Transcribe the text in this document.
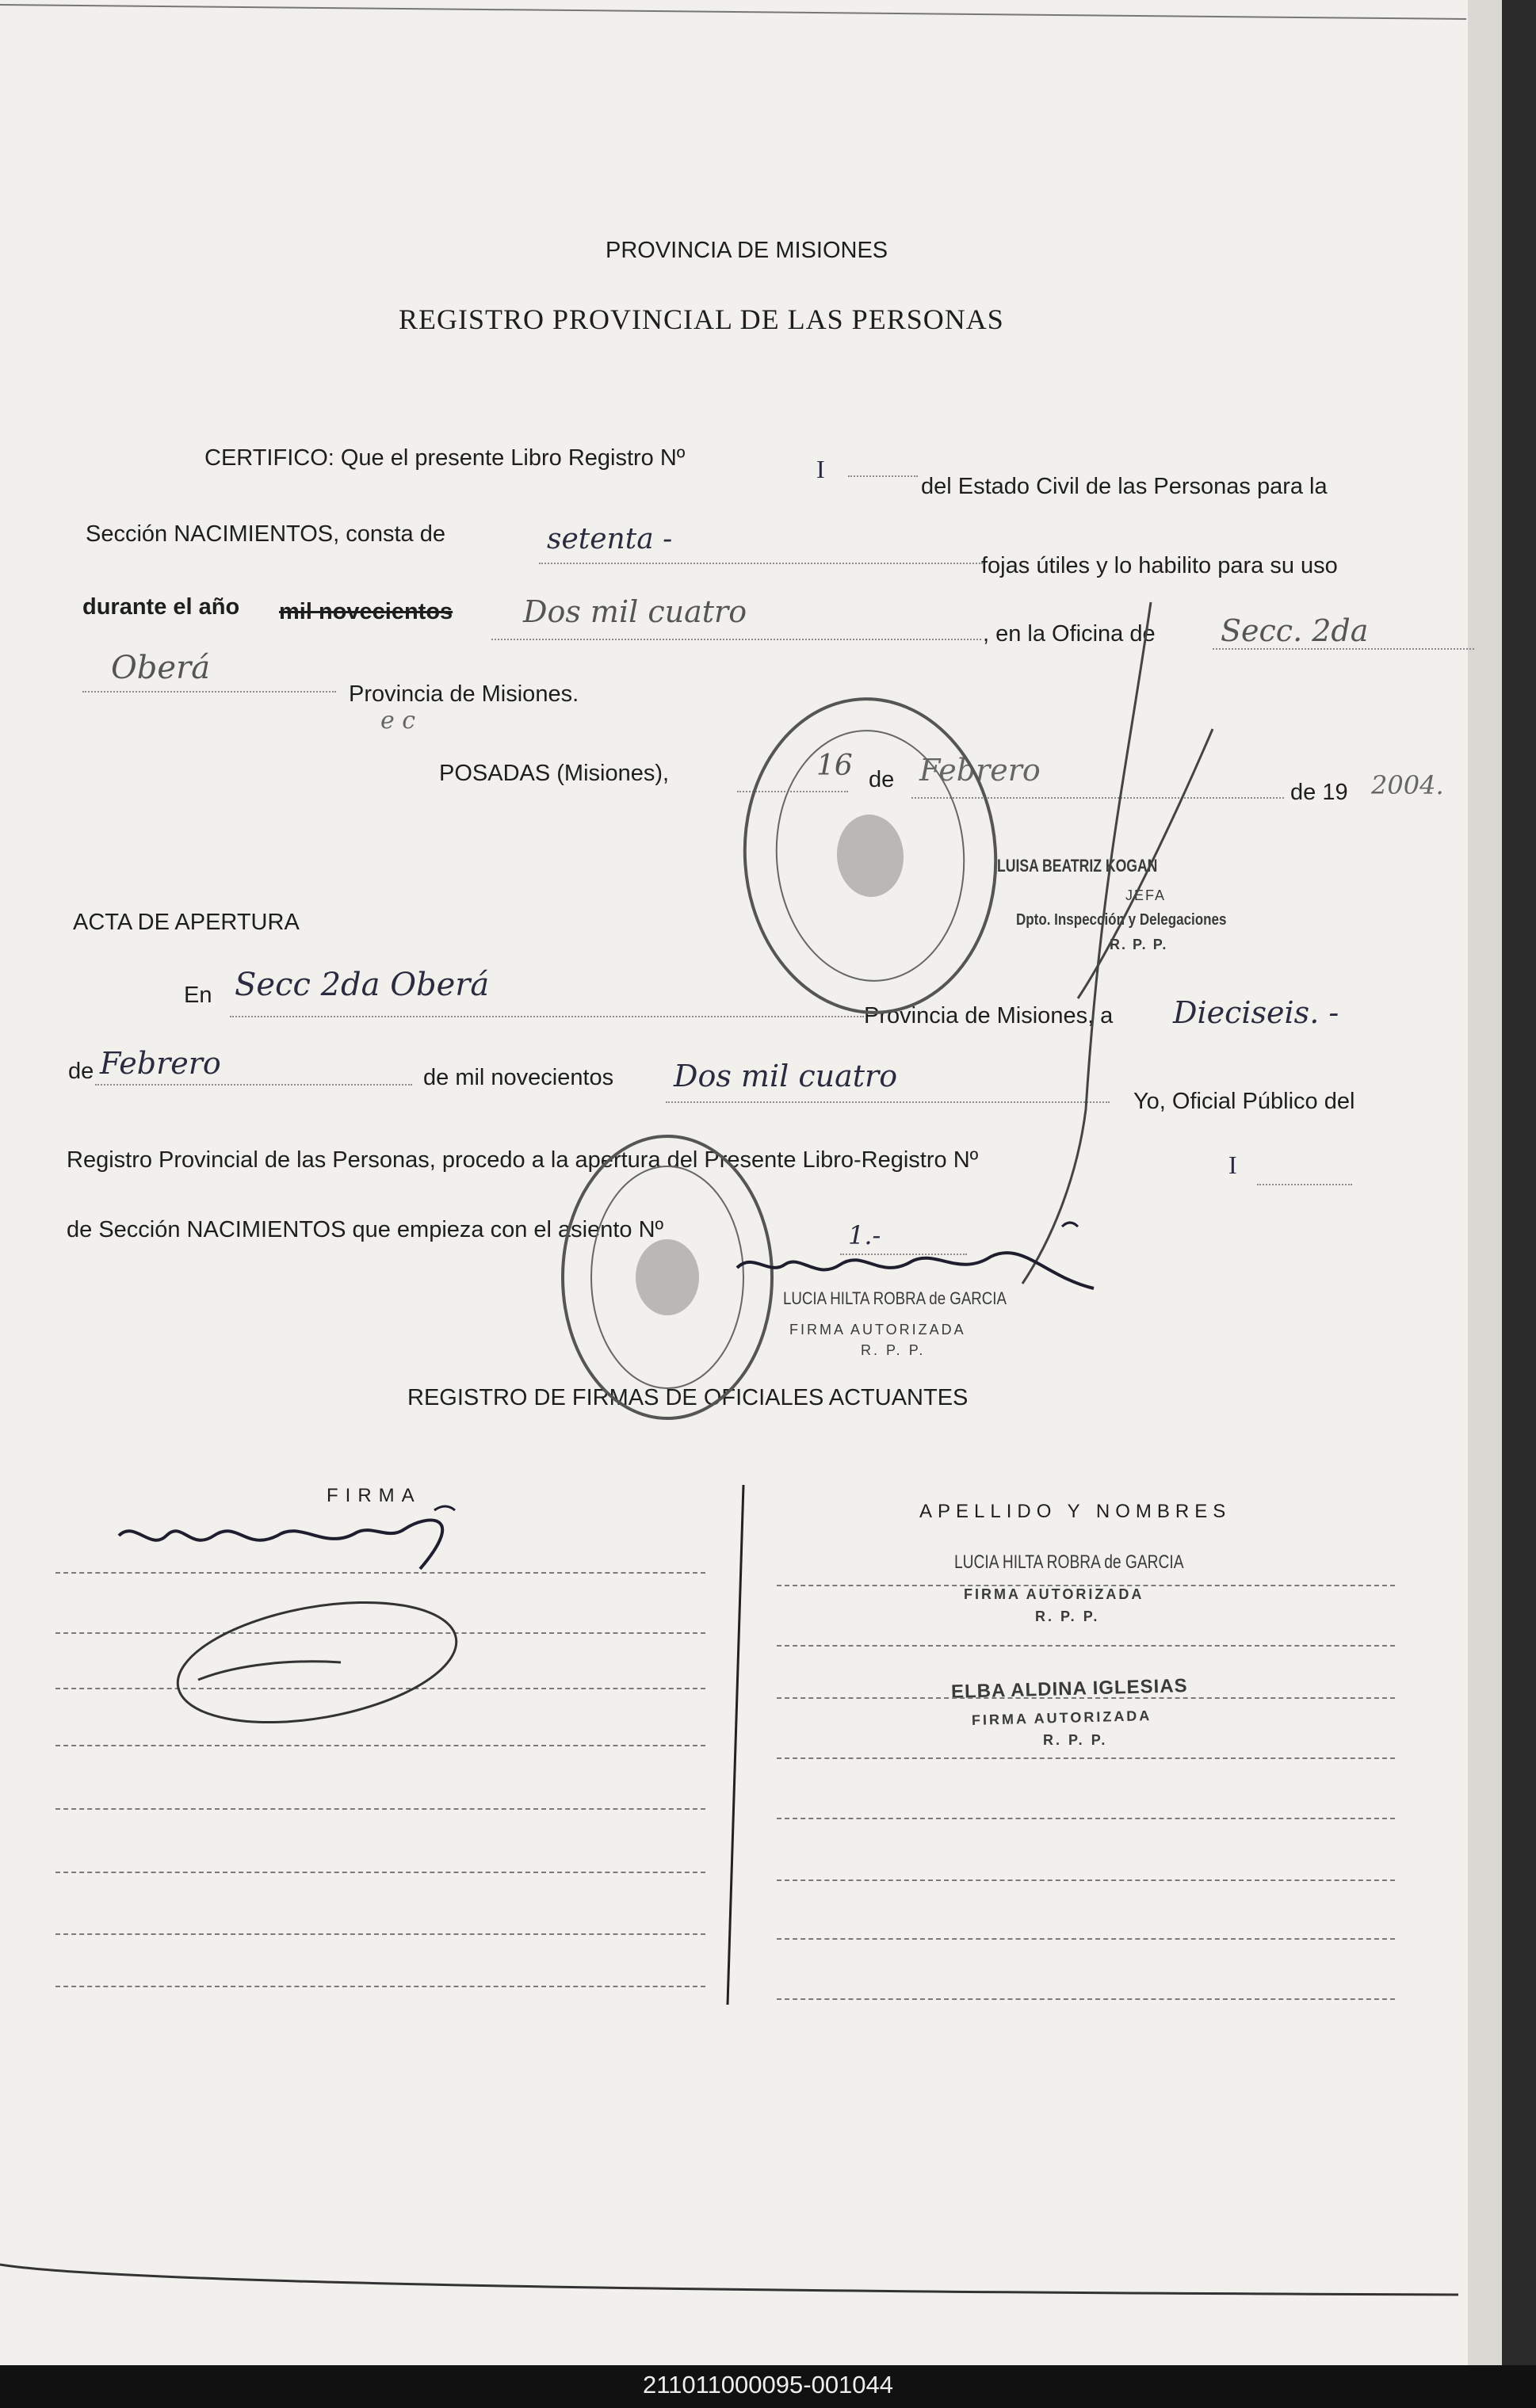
PROVINCIA DE MISIONES
REGISTRO PROVINCIAL DE LAS PERSONAS
CERTIFICO: Que el presente Libro Registro Nº	I
del Estado Civil de las Personas para la
Sección NACIMIENTOS, consta de	setenta -
fojas útiles y lo habilito para su uso
durante el año mil novecientos Dos mil cuatro
, en la Oficina de Secc. 2da
Oberá
Provincia de Misiones.
e c
POSADAS (Misiones),	16 de Febrero
de 19 2004.
ACTA DE APERTURA
En Secc 2da Oberá
Provincia de Misiones, a Dieciseis. -
de Febrero	de mil novecientos Dos mil cuatro
Yo, Oficial Público del
Registro Provincial de las Personas, procedo a la apertura del Presente Libro-Registro Nº	I
de Sección NACIMIENTOS que empieza con el asiento Nº	1.-
LUISA BEATRIZ KOGAN
JEFA
Dpto. Inspección y Delegaciones
R. P. P.
LUCIA HILTA ROBRA de GARCIA
FIRMA AUTORIZADA
R. P. P.
REGISTRO DE FIRMAS DE OFICIALES ACTUANTES
FIRMA
APELLIDO Y NOMBRES
LUCIA HILTA ROBRA de GARCIA
FIRMA AUTORIZADA
R. P. P.
ELBA ALDINA IGLESIAS
FIRMA AUTORIZADA
R. P. P.
211011000095-001044
